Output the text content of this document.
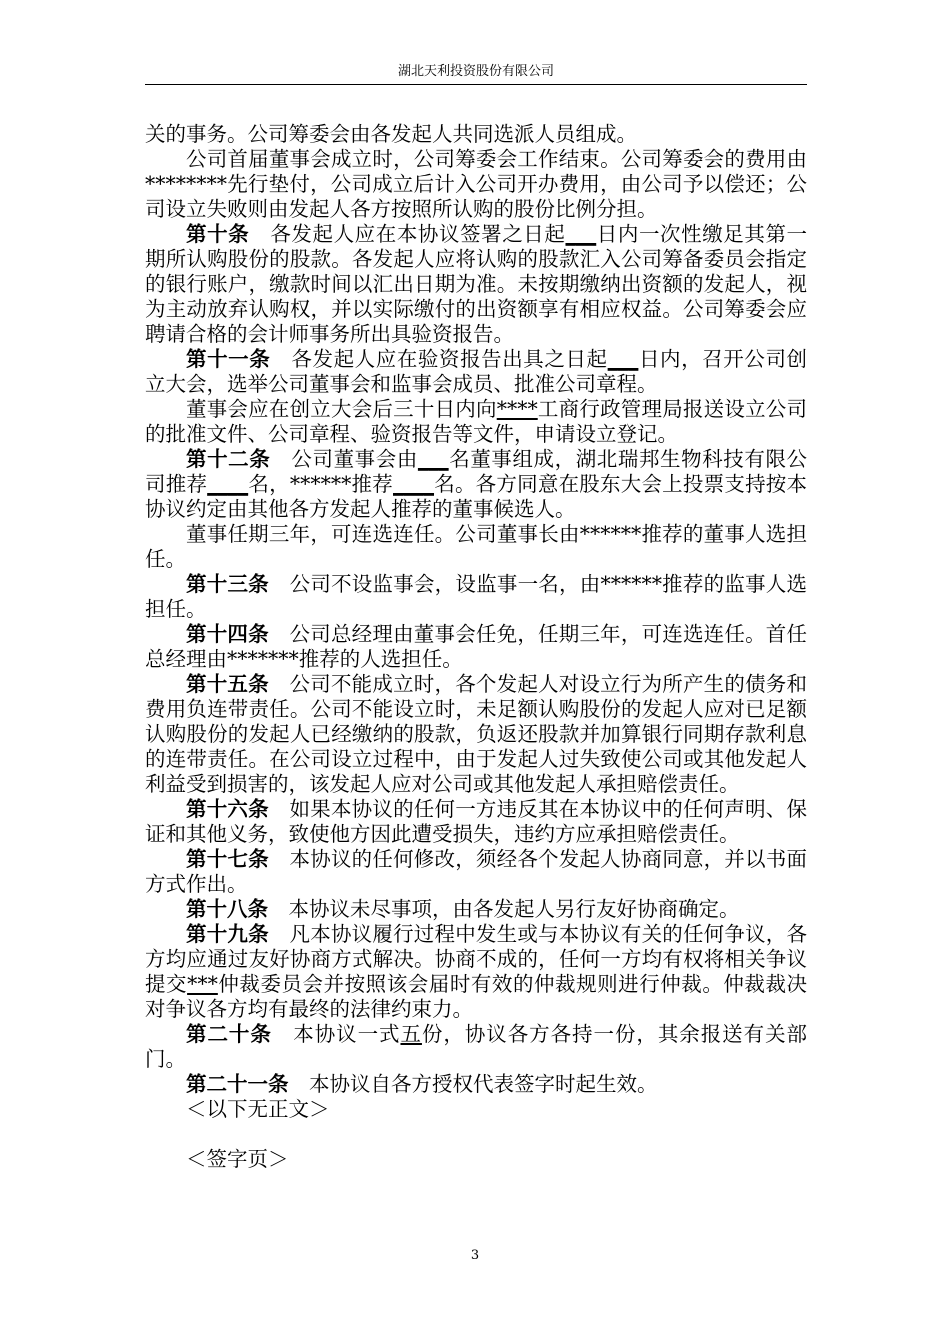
湖北天利投资股份有限公司

关的事务。公司筹委会由各发起人共同选派人员组成。

公司首届董事会成立时，公司筹委会工作结束。公司筹委会的费用由********先行垫付，公司成立后计入公司开办费用，由公司予以偿还；公司设立失败则由发起人各方按照所认购的股份比例分担。

第十条　 各发起人应在本协议签署之日起___日内一次性缴足其第一期所认购股份的股款。各发起人应将认购的股款汇入公司筹备委员会指定的银行账户，缴款时间以汇出日期为准。未按期缴纳出资额的发起人，视为主动放弃认购权，并以实际缴付的出资额享有相应权益。公司筹委会应聘请合格的会计师事务所出具验资报告。

第十一条　 各发起人应在验资报告出具之日起___日内，召开公司创立大会，选举公司董事会和监事会成员、批准公司章程。

董事会应在创立大会后三十日内向****工商行政管理局报送设立公司的批准文件、公司章程、验资报告等文件，申请设立登记。

第十二条　 公司董事会由___名董事组成，湖北瑞邦生物科技有限公司推荐____名，******推荐____名。各方同意在股东大会上投票支持按本协议约定由其他各方发起人推荐的董事候选人。

董事任期三年，可连选连任。公司董事长由******推荐的董事人选担任。

第十三条　 公司不设监事会，设监事一名，由******推荐的监事人选担任。

第十四条　 公司总经理由董事会任免，任期三年，可连选连任。首任总经理由*******推荐的人选担任。

第十五条　 公司不能成立时，各个发起人对设立行为所产生的债务和费用负连带责任。公司不能设立时，未足额认购股份的发起人应对已足额认购股份的发起人已经缴纳的股款，负返还股款并加算银行同期存款利息的连带责任。在公司设立过程中，由于发起人过失致使公司或其他发起人利益受到损害的，该发起人应对公司或其他发起人承担赔偿责任。

第十六条　 如果本协议的任何一方违反其在本协议中的任何声明、保证和其他义务，致使他方因此遭受损失，违约方应承担赔偿责任。

第十七条　 本协议的任何修改，须经各个发起人协商同意，并以书面方式作出。

第十八条　 本协议未尽事项，由各发起人另行友好协商确定。

第十九条　 凡本协议履行过程中发生或与本协议有关的任何争议，各方均应通过友好协商方式解决。协商不成的，任何一方均有权将相关争议提交***仲裁委员会并按照该会届时有效的仲裁规则进行仲裁。仲裁裁决对争议各方均有最终的法律约束力。

第二十条　 本协议一式五份，协议各方各持一份，其余报送有关部门。

第二十一条　 本协议自各方授权代表签字时起生效。

＜以下无正文＞

＜签字页＞

3
